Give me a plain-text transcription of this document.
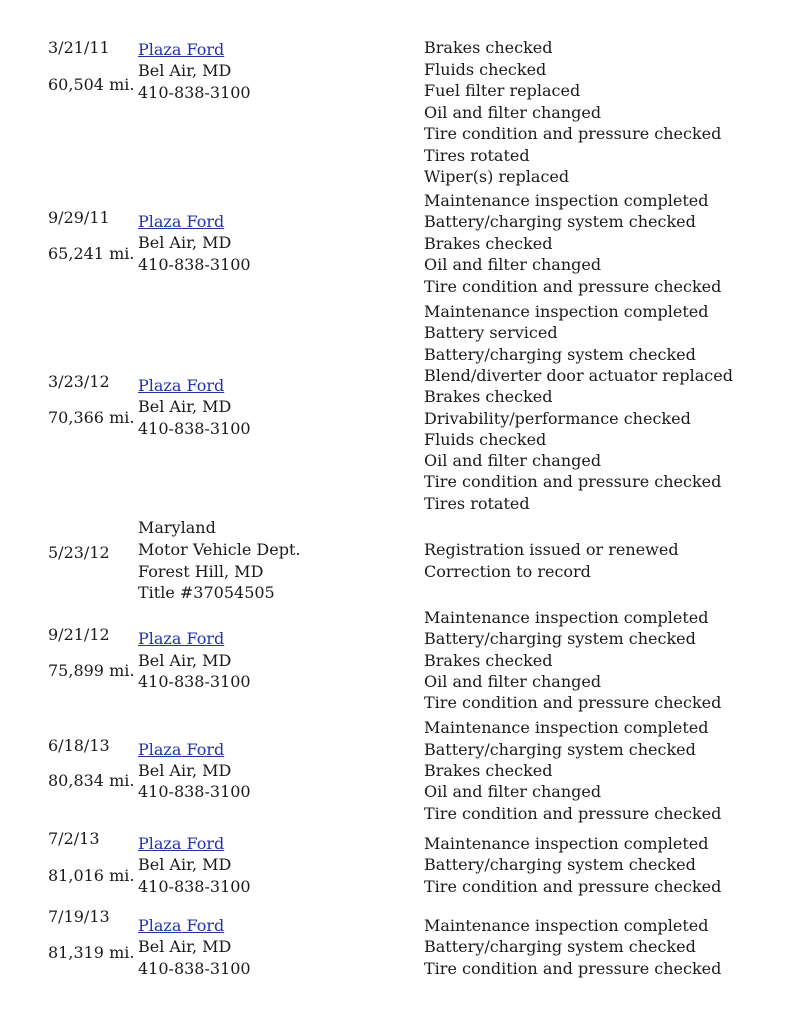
3/21/11
60,504 mi.
Plaza Ford
Bel Air, MD
410-838-3100
Brakes checked
Fluids checked
Fuel filter replaced
Oil and filter changed
Tire condition and pressure checked
Tires rotated
Wiper(s) replaced
9/29/11
65,241 mi.
Plaza Ford
Bel Air, MD
410-838-3100
Maintenance inspection completed
Battery/charging system checked
Brakes checked
Oil and filter changed
Tire condition and pressure checked
3/23/12
70,366 mi.
Plaza Ford
Bel Air, MD
410-838-3100
Maintenance inspection completed
Battery serviced
Battery/charging system checked
Blend/diverter door actuator replaced
Brakes checked
Drivability/performance checked
Fluids checked
Oil and filter changed
Tire condition and pressure checked
Tires rotated
5/23/12
Maryland
Motor Vehicle Dept.
Forest Hill, MD
Title #37054505
Registration issued or renewed
Correction to record
9/21/12
75,899 mi.
Plaza Ford
Bel Air, MD
410-838-3100
Maintenance inspection completed
Battery/charging system checked
Brakes checked
Oil and filter changed
Tire condition and pressure checked
6/18/13
80,834 mi.
Plaza Ford
Bel Air, MD
410-838-3100
Maintenance inspection completed
Battery/charging system checked
Brakes checked
Oil and filter changed
Tire condition and pressure checked
7/2/13
81,016 mi.
Plaza Ford
Bel Air, MD
410-838-3100
Maintenance inspection completed
Battery/charging system checked
Tire condition and pressure checked
7/19/13
81,319 mi.
Plaza Ford
Bel Air, MD
410-838-3100
Maintenance inspection completed
Battery/charging system checked
Tire condition and pressure checked
